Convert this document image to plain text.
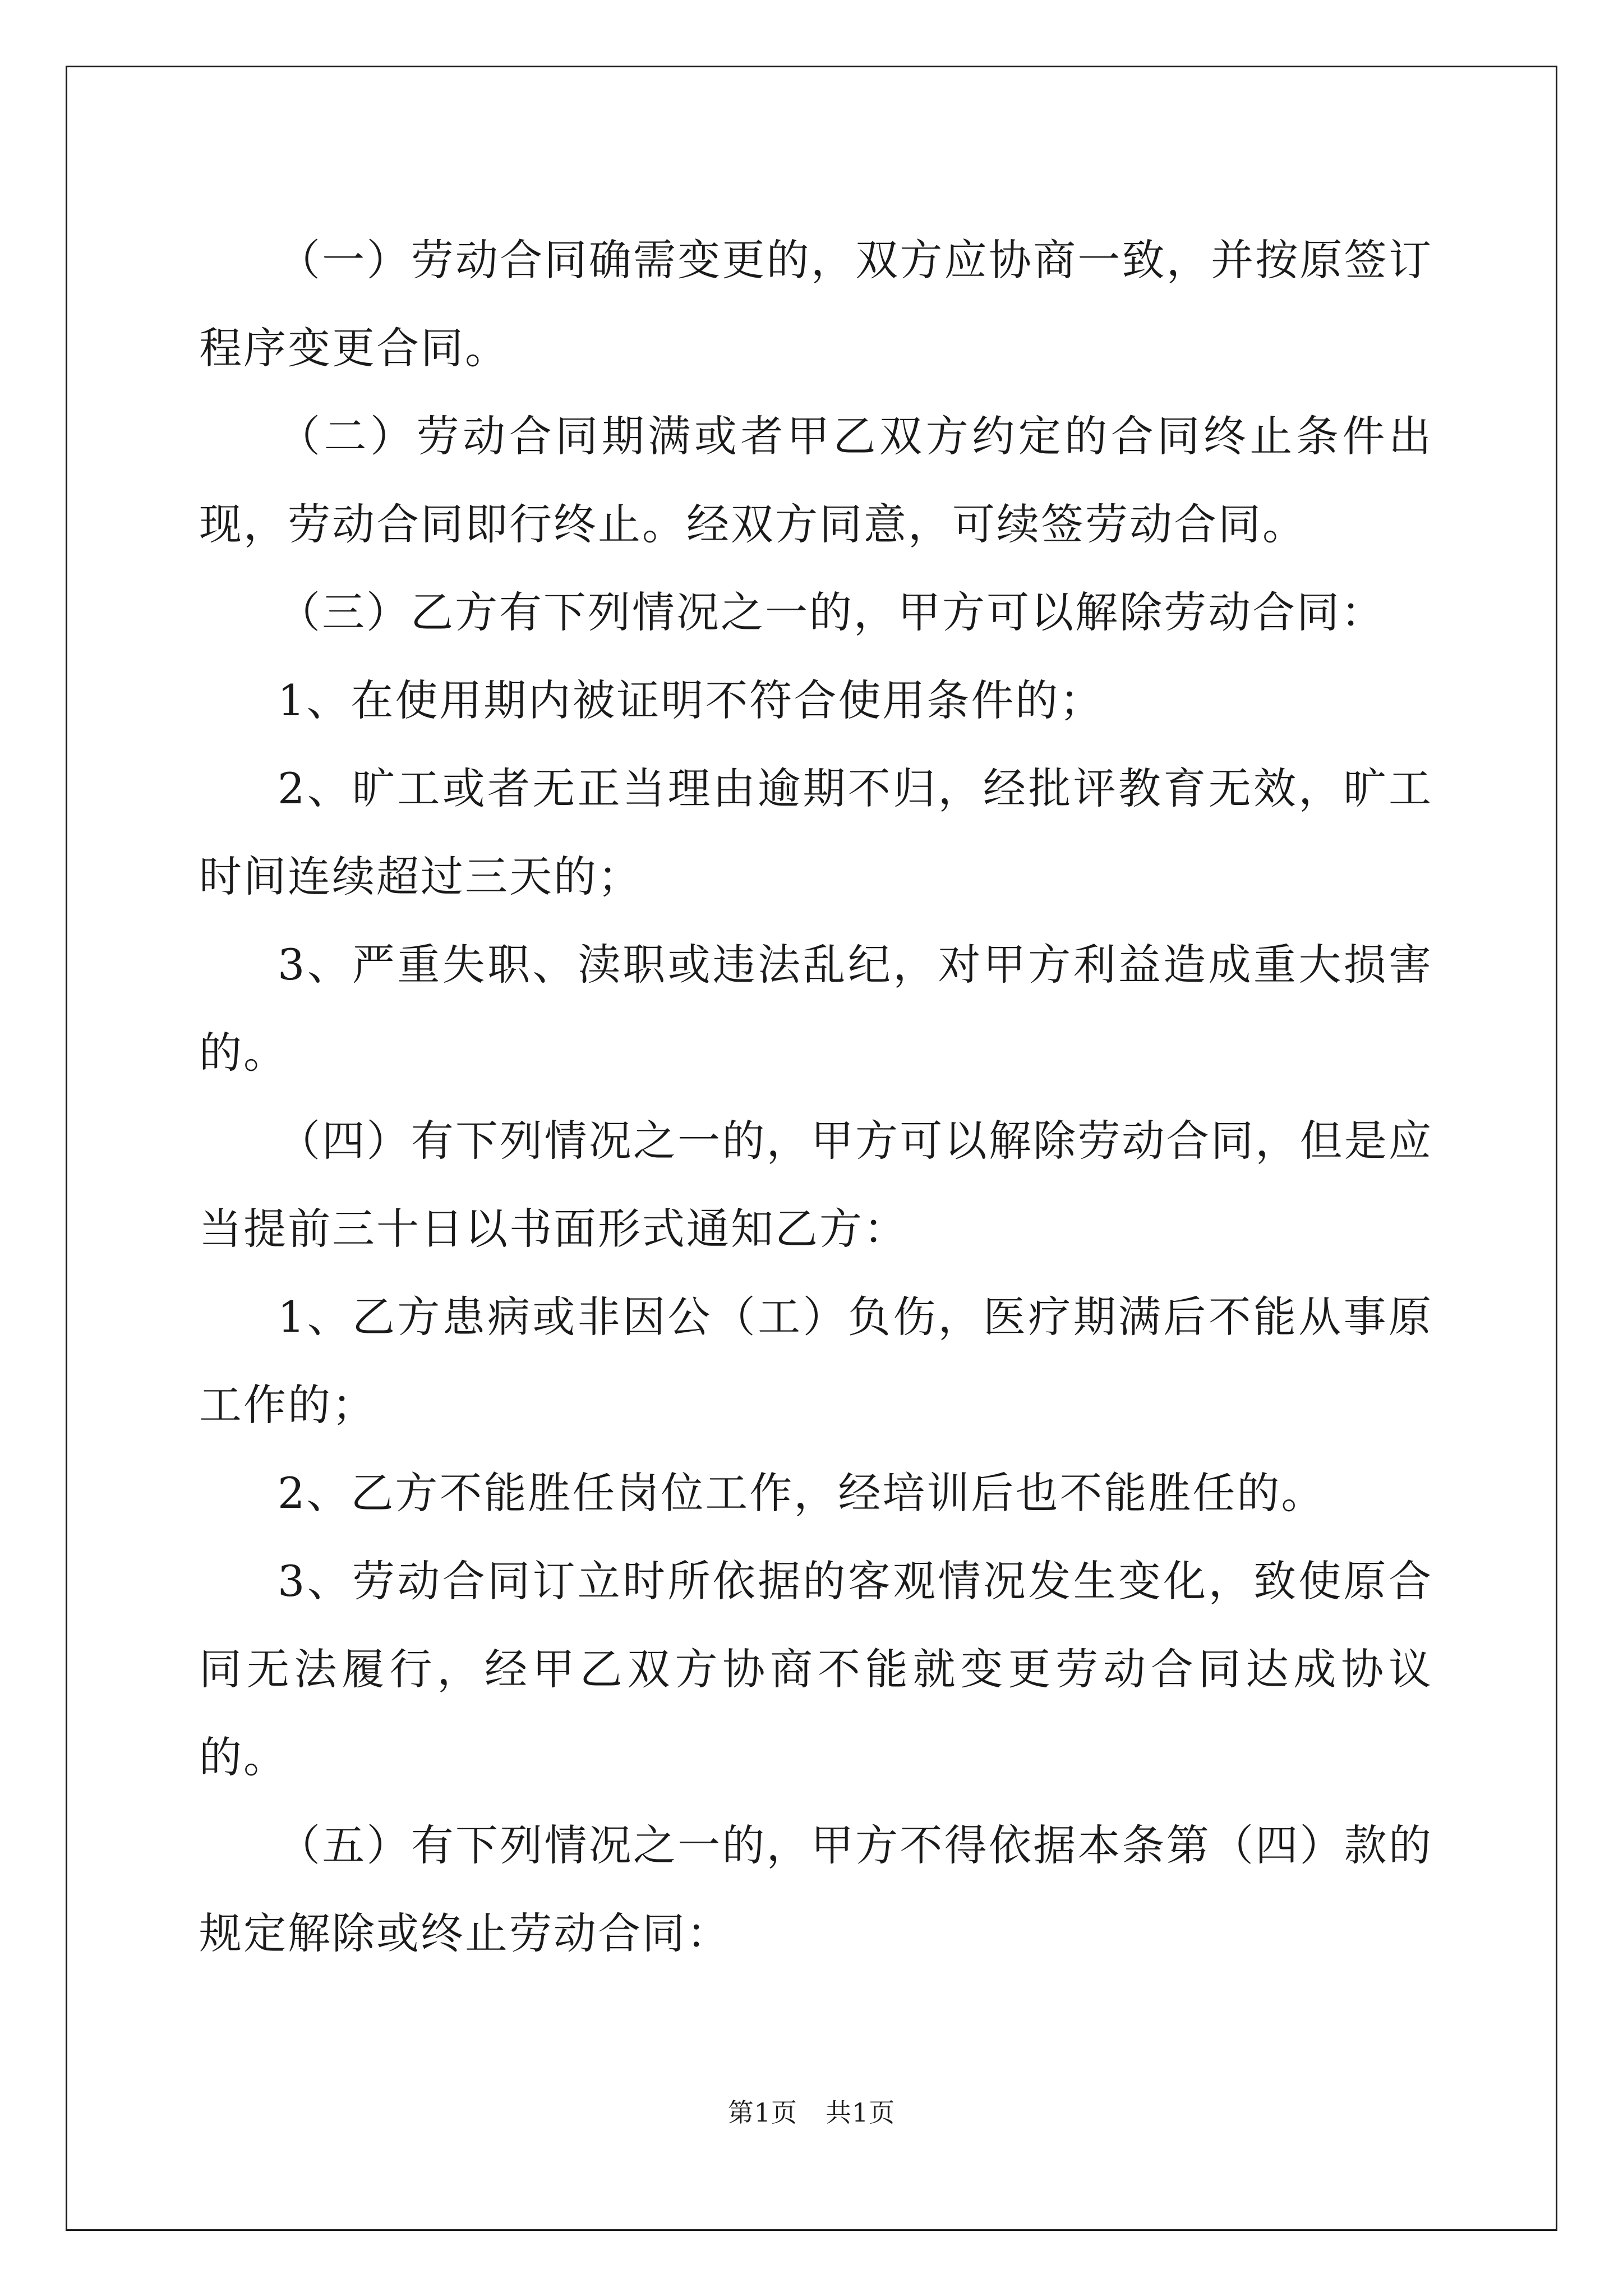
（一）劳动合同确需变更的，双方应协商一致，并按原签订程序变更合同。

（二）劳动合同期满或者甲乙双方约定的合同终止条件出现，劳动合同即行终止。经双方同意，可续签劳动合同。

（三）乙方有下列情况之一的，甲方可以解除劳动合同：

1、在使用期内被证明不符合使用条件的；

2、旷工或者无正当理由逾期不归，经批评教育无效，旷工时间连续超过三天的；

3、严重失职、渎职或违法乱纪，对甲方利益造成重大损害的。

（四）有下列情况之一的，甲方可以解除劳动合同，但是应当提前三十日以书面形式通知乙方：

1、乙方患病或非因公（工）负伤，医疗期满后不能从事原工作的；

2、乙方不能胜任岗位工作，经培训后也不能胜任的。

3、劳动合同订立时所依据的客观情况发生变化，致使原合同无法履行，经甲乙双方协商不能就变更劳动合同达成协议的。

（五）有下列情况之一的，甲方不得依据本条第（四）款的规定解除或终止劳动合同：

第1页 共1页
